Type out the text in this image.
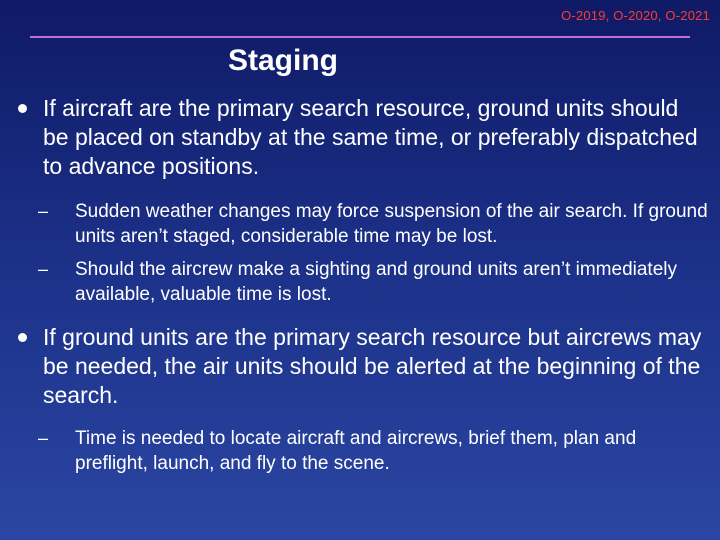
O-2019, O-2020, O-2021
Staging

If aircraft are the primary search resource, ground units should be placed on standby at the same time, or preferably dispatched to advance positions.

– Sudden weather changes may force suspension of the air search. If ground units aren’t staged, considerable time may be lost.

– Should the aircrew make a sighting and ground units aren’t immediately available, valuable time is lost.

If ground units are the primary search resource but aircrews may be needed, the air units should be alerted at the beginning of the search.

– Time is needed to locate aircraft and aircrews, brief them, plan and preflight, launch, and fly to the scene.
